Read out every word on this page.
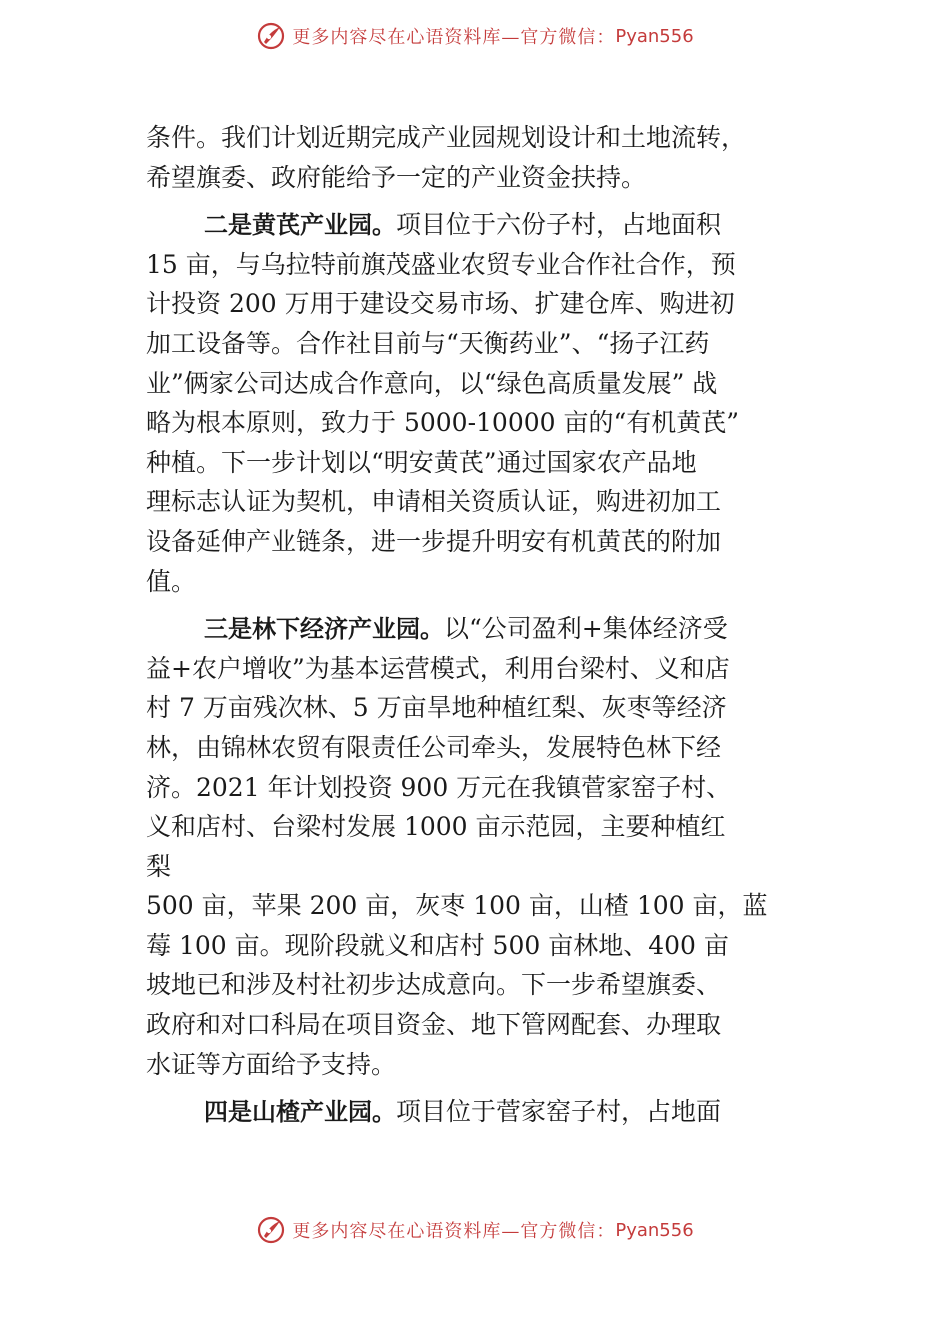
更多内容尽在心语资料库—官方微信： Pyan556
条件。我们计划近期完成产业园规划设计和土地流转，
希望旗委、政府能给予一定的产业资金扶持。
二是黄芪产业园。项目位于六份子村，占地面积
15 亩，与乌拉特前旗茂盛业农贸专业合作社合作，预
计投资 200 万用于建设交易市场、扩建仓库、购进初
加工设备等。合作社目前与“天衡药业”、“扬子江药
业”俩家公司达成合作意向，以“绿色高质量发展” 战
略为根本原则，致力于 5000-10000 亩的“有机黄芪”
种植。下一步计划以“明安黄芪”通过国家农产品地
理标志认证为契机，申请相关资质认证，购进初加工
设备延伸产业链条，进一步提升明安有机黄芪的附加
值。
三是林下经济产业园。以“公司盈利+集体经济受
益+农户增收”为基本运营模式，利用台梁村、义和店
村 7 万亩残次林、5 万亩旱地种植红梨、灰枣等经济
林，由锦林农贸有限责任公司牵头，发展特色林下经
济。2021 年计划投资 900 万元在我镇菅家窑子村、
义和店村、台梁村发展 1000 亩示范园，主要种植红
梨
500 亩，苹果 200 亩，灰枣 100 亩，山楂 100 亩，蓝
莓 100 亩。现阶段就义和店村 500 亩林地、400 亩
坡地已和涉及村社初步达成意向。下一步希望旗委、
政府和对口科局在项目资金、地下管网配套、办理取
水证等方面给予支持。
四是山楂产业园。项目位于菅家窑子村，占地面
更多内容尽在心语资料库—官方微信： Pyan556
